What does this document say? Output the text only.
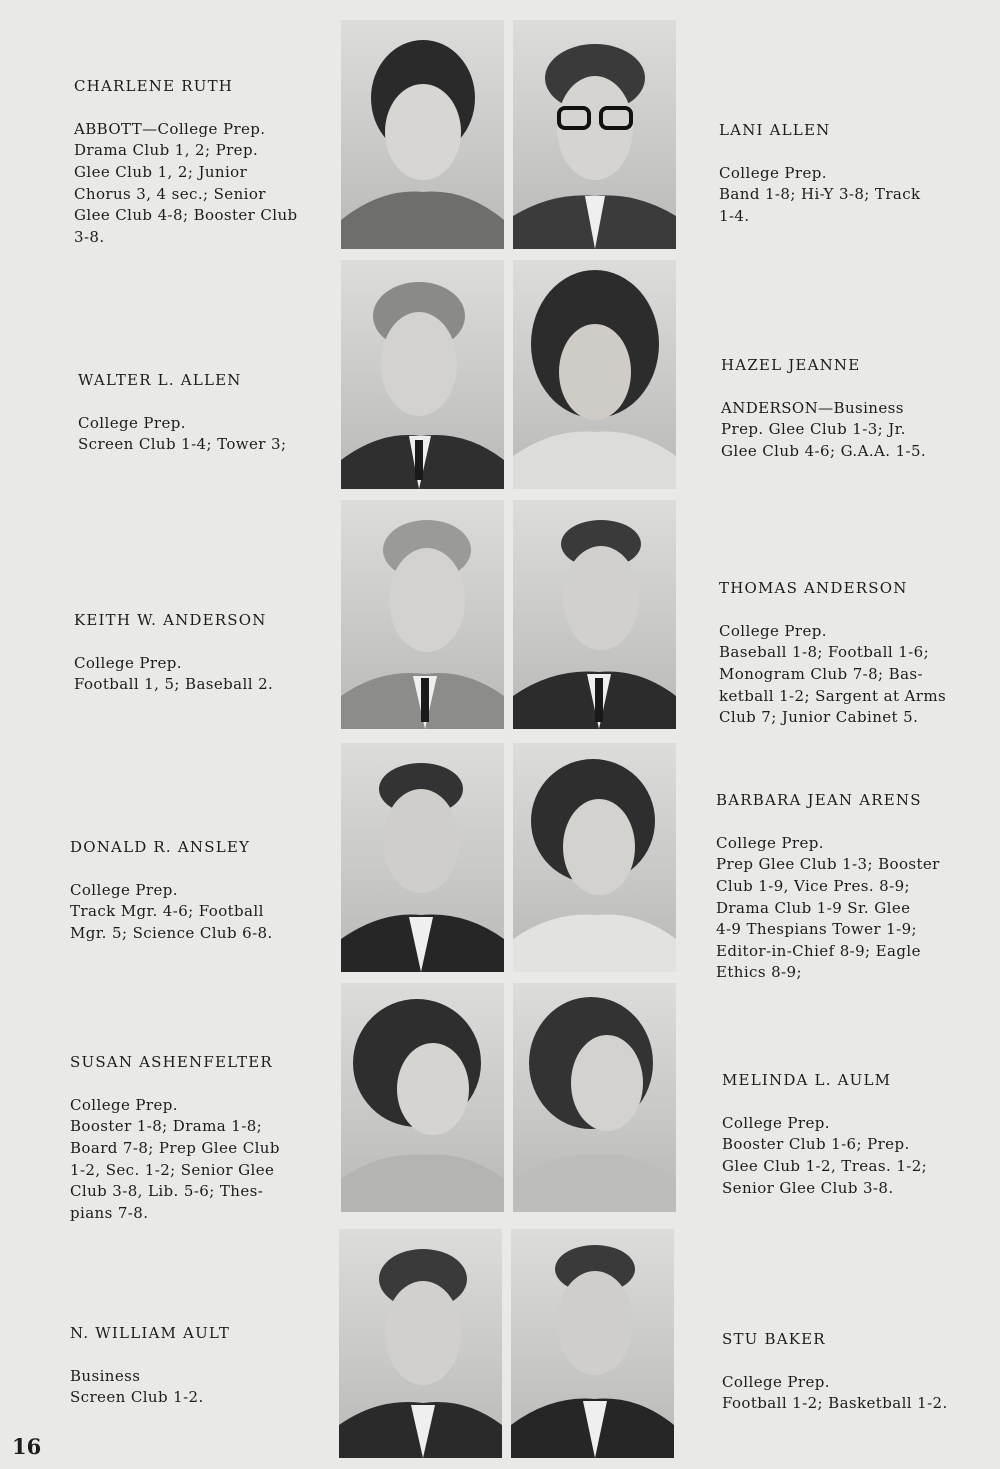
CHARLENE RUTH

ABBOTT—College Prep.
Drama Club 1, 2; Prep.
Glee Club 1, 2; Junior
Chorus 3, 4 sec.; Senior
Glee Club 4-8; Booster Club
3-8.

LANI ALLEN

College Prep.
Band 1-8; Hi-Y 3-8; Track
1-4.

WALTER L. ALLEN

College Prep.
Screen Club 1-4; Tower 3;

HAZEL JEANNE

ANDERSON—Business
Prep. Glee Club 1-3; Jr.
Glee Club 4-6; G.A.A. 1-5.

KEITH W. ANDERSON

College Prep.
Football 1, 5; Baseball 2.

THOMAS ANDERSON

College Prep.
Baseball 1-8; Football 1-6;
Monogram Club 7-8; Bas-
ketball 1-2; Sargent at Arms
Club 7; Junior Cabinet 5.

DONALD R. ANSLEY

College Prep.
Track Mgr. 4-6; Football
Mgr. 5; Science Club 6-8.

BARBARA JEAN ARENS

College Prep.
Prep Glee Club 1-3; Booster
Club 1-9, Vice Pres. 8-9;
Drama Club 1-9 Sr. Glee
4-9 Thespians Tower 1-9;
Editor-in-Chief 8-9; Eagle
Ethics 8-9;

SUSAN ASHENFELTER

College Prep.
Booster 1-8; Drama 1-8;
Board 7-8; Prep Glee Club
1-2, Sec. 1-2; Senior Glee
Club 3-8, Lib. 5-6; Thes-
pians 7-8.

MELINDA L. AULM

College Prep.
Booster Club 1-6; Prep.
Glee Club 1-2, Treas. 1-2;
Senior Glee Club 3-8.

N. WILLIAM AULT

Business
Screen Club 1-2.

STU BAKER

College Prep.
Football 1-2; Basketball 1-2.

16
